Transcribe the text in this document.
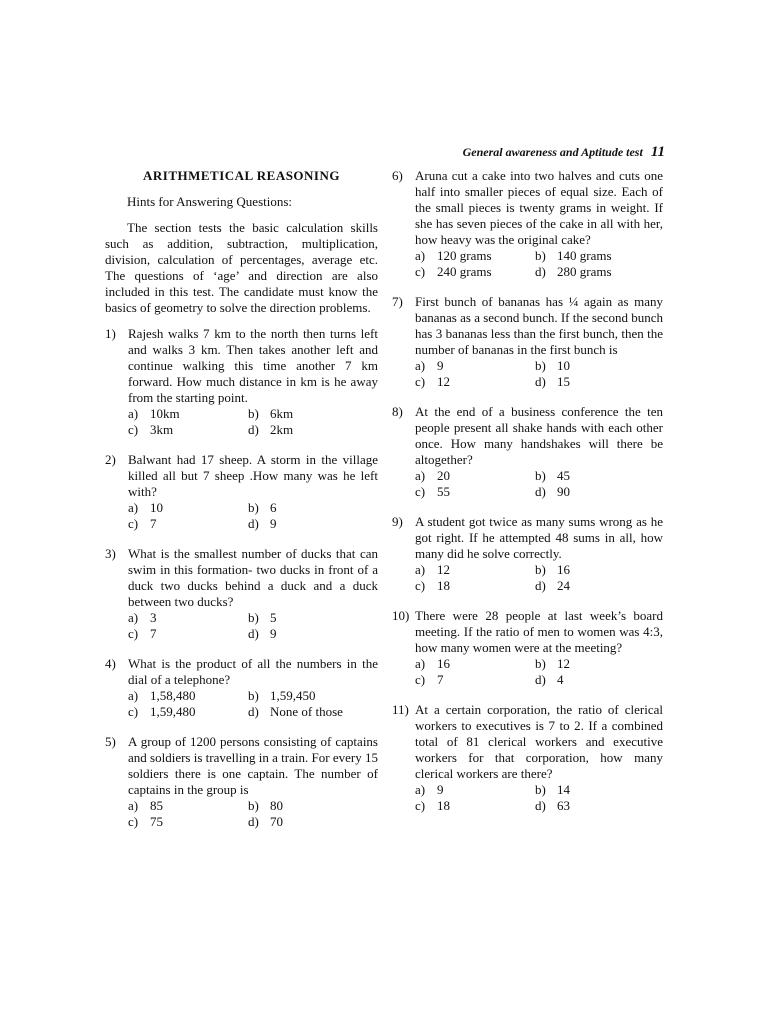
General awareness and Aptitude test 11
ARITHMETICAL REASONING
Hints for Answering Questions:
The section tests the basic calculation skills such as addition, subtraction, multiplication, division, calculation of percentages, average etc. The questions of ‘age’ and direction are also included in this test. The candidate must know the basics of geometry to solve the direction problems.
1) Rajesh walks 7 km to the north then turns left and walks 3 km. Then takes another left and continue walking this time another 7 km forward. How much distance in km is he away from the starting point.
a) 10km	b) 6km
c) 3km	d) 2km
2) Balwant had 17 sheep. A storm in the village killed all but 7 sheep .How many was he left with?
a) 10	b) 6
c) 7	d) 9
3) What is the smallest number of ducks that can swim in this formation- two ducks in front of a duck two ducks behind a duck and a duck between two ducks?
a) 3	b) 5
c) 7	d) 9
4) What is the product of all the numbers in the dial of a telephone?
a) 1,58,480	b) 1,59,450
c) 1,59,480	d) None of those
5) A group of 1200 persons consisting of captains and soldiers is travelling in a train. For every 15 soldiers there is one captain. The number of captains in the group is
a) 85	b) 80
c) 75	d) 70
6) Aruna cut a cake into two halves and cuts one half into smaller pieces of equal size. Each of the small pieces is twenty grams in weight. If she has seven pieces of the cake in all with her, how heavy was the original cake?
a) 120 grams	b) 140 grams
c) 240 grams	d) 280 grams
7) First bunch of bananas has ¼ again as many bananas as a second bunch. If the second bunch has 3 bananas less than the first bunch, then the number of bananas in the first bunch is
a) 9	b) 10
c) 12	d) 15
8) At the end of a business conference the ten people present all shake hands with each other once. How many handshakes will there be altogether?
a) 20	b) 45
c) 55	d) 90
9) A student got twice as many sums wrong as he got right. If he attempted 48 sums in all, how many did he solve correctly.
a) 12	b) 16
c) 18	d) 24
10) There were 28 people at last week’s board meeting. If the ratio of men to women was 4:3, how many women were at the meeting?
a) 16	b) 12
c) 7	d) 4
11) At a certain corporation, the ratio of clerical workers to executives is 7 to 2. If a combined total of 81 clerical workers and executive workers for that corporation, how many clerical workers are there?
a) 9	b) 14
c) 18	d) 63
